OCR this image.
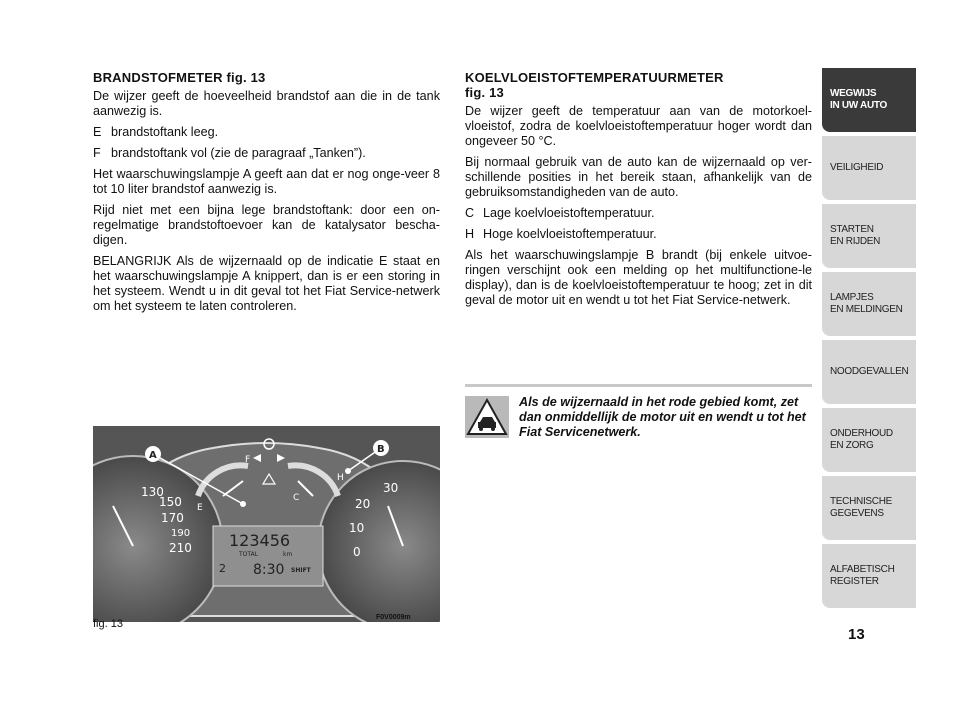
BRANDSTOFMETER fig. 13

De wijzer geeft de hoeveelheid brandstof aan die in de tank aanwezig is.

E brandstoftank leeg.
F brandstoftank vol (zie de paragraaf „Tanken”).

Het waarschuwingslampje A geeft aan dat er nog onge-veer 8 tot 10 liter brandstof aanwezig is.

Rijd niet met een bijna lege brandstoftank: door een on-regelmatige brandstoftoevoer kan de katalysator bescha-digen.

BELANGRIJK Als de wijzernaald op de indicatie E staat en het waarschuwingslampje A knippert, dan is er een storing in het systeem. Wendt u in dit geval tot het Fiat Service-netwerk om het systeem te laten controleren.

KOELVLOEISTOFTEMPERATUURMETER
fig. 13

De wijzer geeft de temperatuur aan van de motorkoel-vloeistof, zodra de koelvloeistoftemperatuur hoger wordt dan ongeveer 50 °C.

Bij normaal gebruik van de auto kan de wijzernaald op ver-schillende posities in het bereik staan, afhankelijk van de gebruiksomstandigheden van de auto.

C Lage koelvloeistoftemperatuur.
H Hoge koelvloeistoftemperatuur.

Als het waarschuwingslampje B brandt (bij enkele uitvoe-ringen verschijnt ook een melding op het multifunctione-le display), dan is de koelvloeistoftemperatuur te hoog; zet in dit geval de motor uit en wendt u tot het Fiat Service-netwerk.

Als de wijzernaald in het rode gebied komt, zet dan onmiddellijk de motor uit en wendt u tot het Fiat Servicenetwerk.
A
B
E
F
C
H
130
150
170
190
210	0
10
20
30
123456
TOTAL	km
2 8:30 SHIFT
fig. 13
F0V0009m
WEGWIJS
IN UW AUTO
VEILIGHEID
STARTEN
EN RIJDEN
LAMPJES
EN MELDINGEN
NOODGEVALLEN
ONDERHOUD
EN ZORG
TECHNISCHE
GEGEVENS
ALFABETISCH
REGISTER
13
